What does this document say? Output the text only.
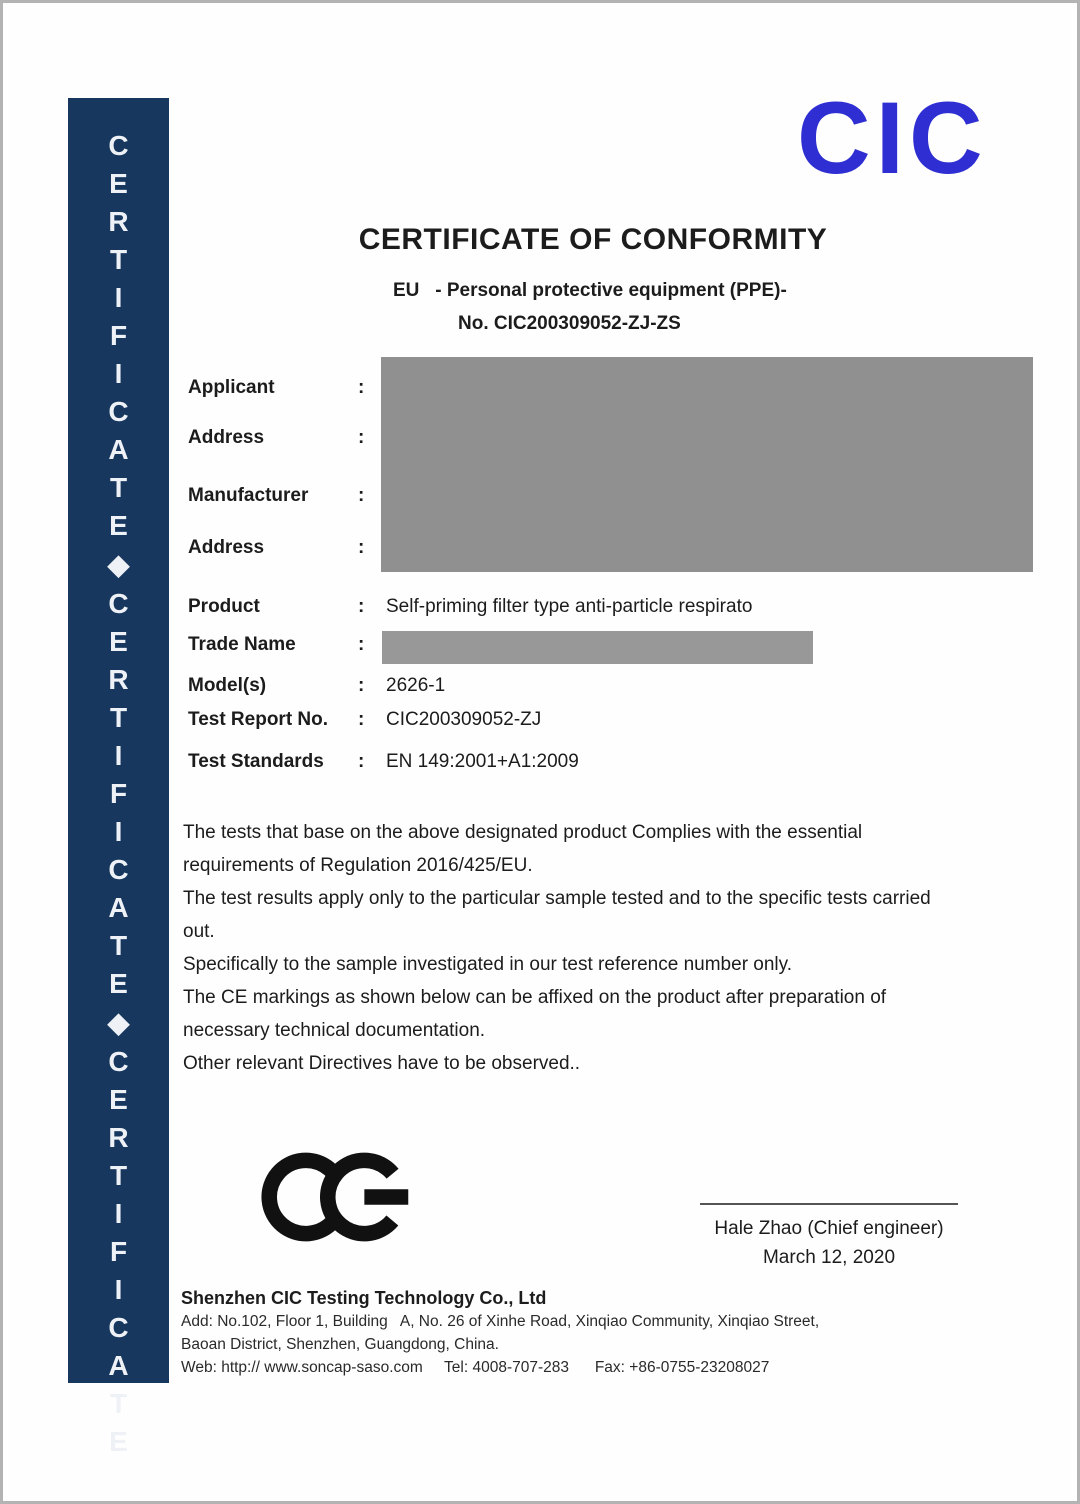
CERTIFICATE◆CERTIFICATE◆CERTIFICATE	CIC
CERTIFICATE OF CONFORMITY
EU   - Personal protective equipment (PPE)-
No. CIC200309052-ZJ-ZS
Applicant	:
Address	:
Manufacturer	:
Address	:
Product	:	Self-priming filter type anti-particle respirato
Trade Name	:
Model(s)	:	2626-1
Test Report No.	:	CIC200309052-ZJ
Test Standards	:	EN 149:2001+A1:2009
The tests that base on the above designated product Complies with the essential
requirements of Regulation 2016/425/EU.
The test results apply only to the particular sample tested and to the specific tests carried
out.
Specifically to the sample investigated in our test reference number only.
The CE markings as shown below can be affixed on the product after preparation of
necessary technical documentation.
Other relevant Directives have to be observed..
Hale Zhao (Chief engineer)
March 12, 2020
Shenzhen CIC Testing Technology Co., Ltd
Add: No.102, Floor 1, Building   A, No. 26 of Xinhe Road, Xinqiao Community, Xinqiao Street,
Baoan District, Shenzhen, Guangdong, China.
Web: http:// www.soncap-saso.com     Tel: 4008-707-283      Fax: +86-0755-23208027
